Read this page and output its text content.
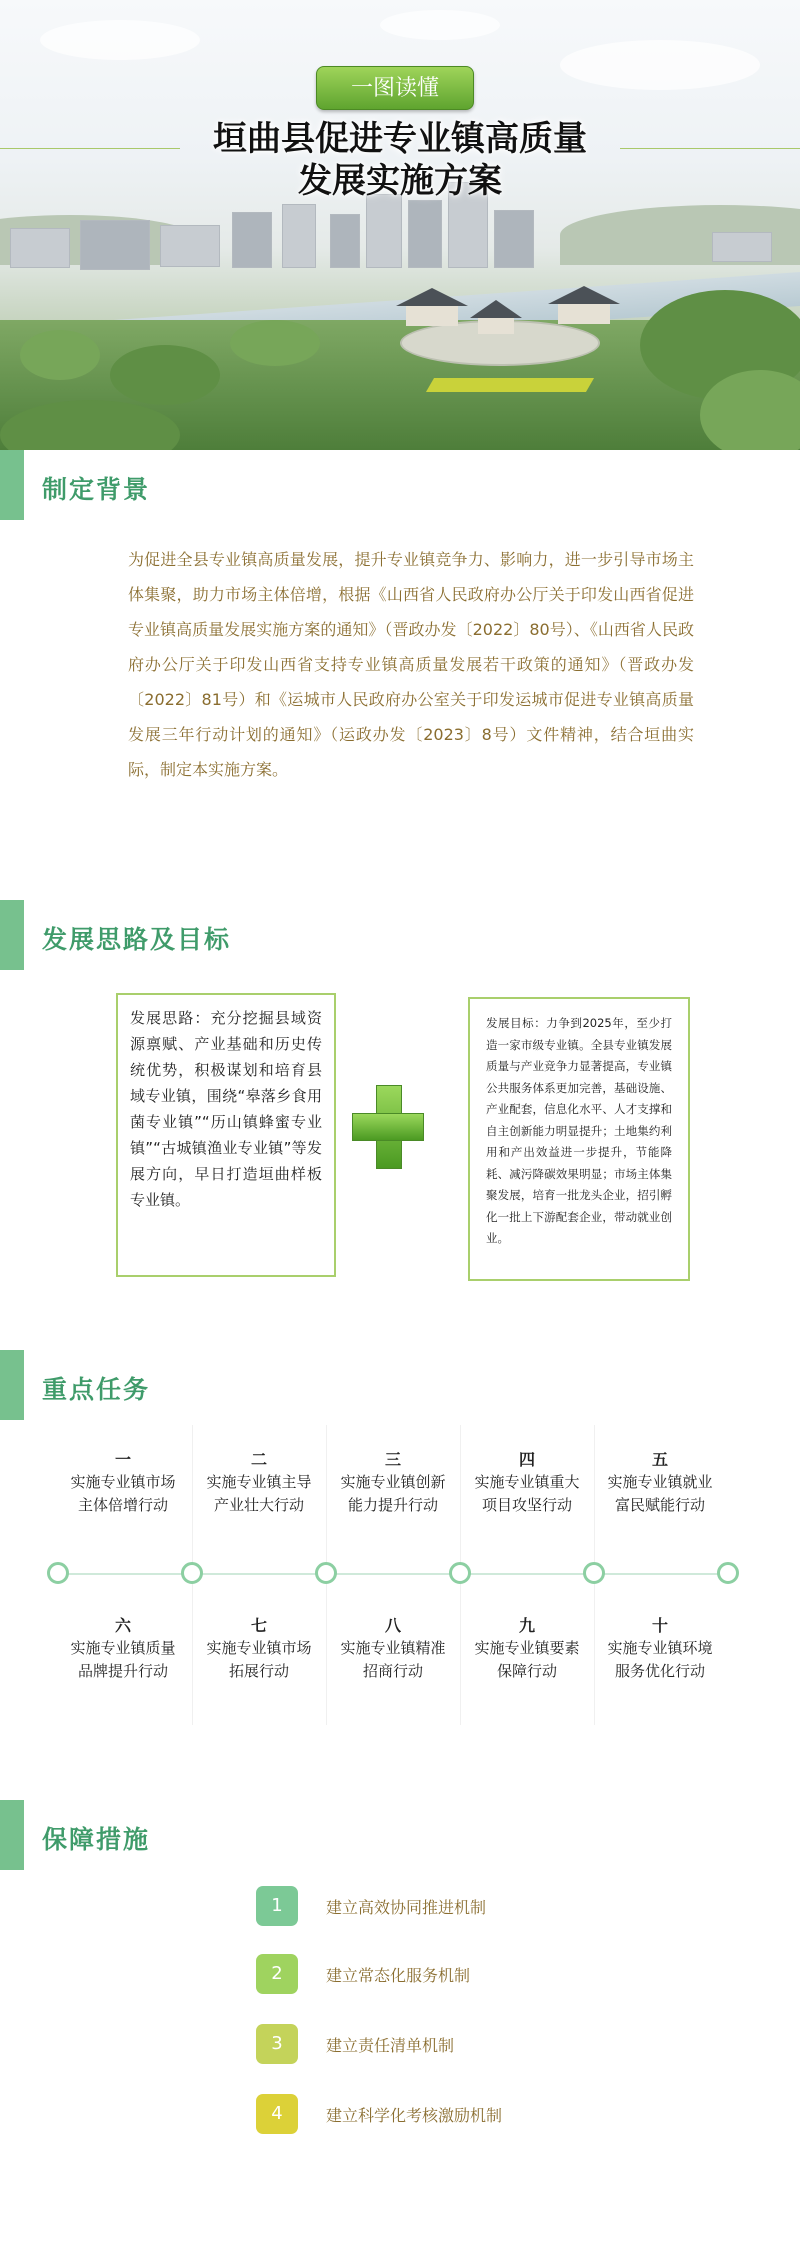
一图读懂
垣曲县促进专业镇高质量
发展实施方案
制定背景
为促进全县专业镇高质量发展，提升专业镇竞争力、影响力，进一步引导市场主体集聚，助力市场主体倍增，根据《山西省人民政府办公厅关于印发山西省促进专业镇高质量发展实施方案的通知》（晋政办发〔2022〕80号）、《山西省人民政府办公厅关于印发山西省支持专业镇高质量发展若干政策的通知》（晋政办发〔2022〕81号）和《运城市人民政府办公室关于印发运城市促进专业镇高质量发展三年行动计划的通知》（运政办发〔2023〕8号）文件精神，结合垣曲实际，制定本实施方案。
发展思路及目标
发展思路：充分挖掘县域资源禀赋、产业基础和历史传统优势，积极谋划和培育县域专业镇，围绕“皋落乡食用菌专业镇”“历山镇蜂蜜专业镇”“古城镇渔业专业镇”等发展方向，早日打造垣曲样板专业镇。
发展目标：力争到2025年，至少打造一家市级专业镇。全县专业镇发展质量与产业竞争力显著提高，专业镇公共服务体系更加完善，基础设施、产业配套，信息化水平、人才支撑和自主创新能力明显提升；土地集约利用和产出效益进一步提升，节能降耗、减污降碳效果明显；市场主体集聚发展，培育一批龙头企业，招引孵化一批上下游配套企业，带动就业创业。
重点任务
一
实施专业镇市场
主体倍增行动
二
实施专业镇主导
产业壮大行动
三
实施专业镇创新
能力提升行动
四
实施专业镇重大
项目攻坚行动
五
实施专业镇就业
富民赋能行动
六
实施专业镇质量
品牌提升行动
七
实施专业镇市场
拓展行动
八
实施专业镇精准
招商行动
九
实施专业镇要素
保障行动
十
实施专业镇环境
服务优化行动
保障措施
1	建立高效协同推进机制
2	建立常态化服务机制
3	建立责任清单机制
4	建立科学化考核激励机制
